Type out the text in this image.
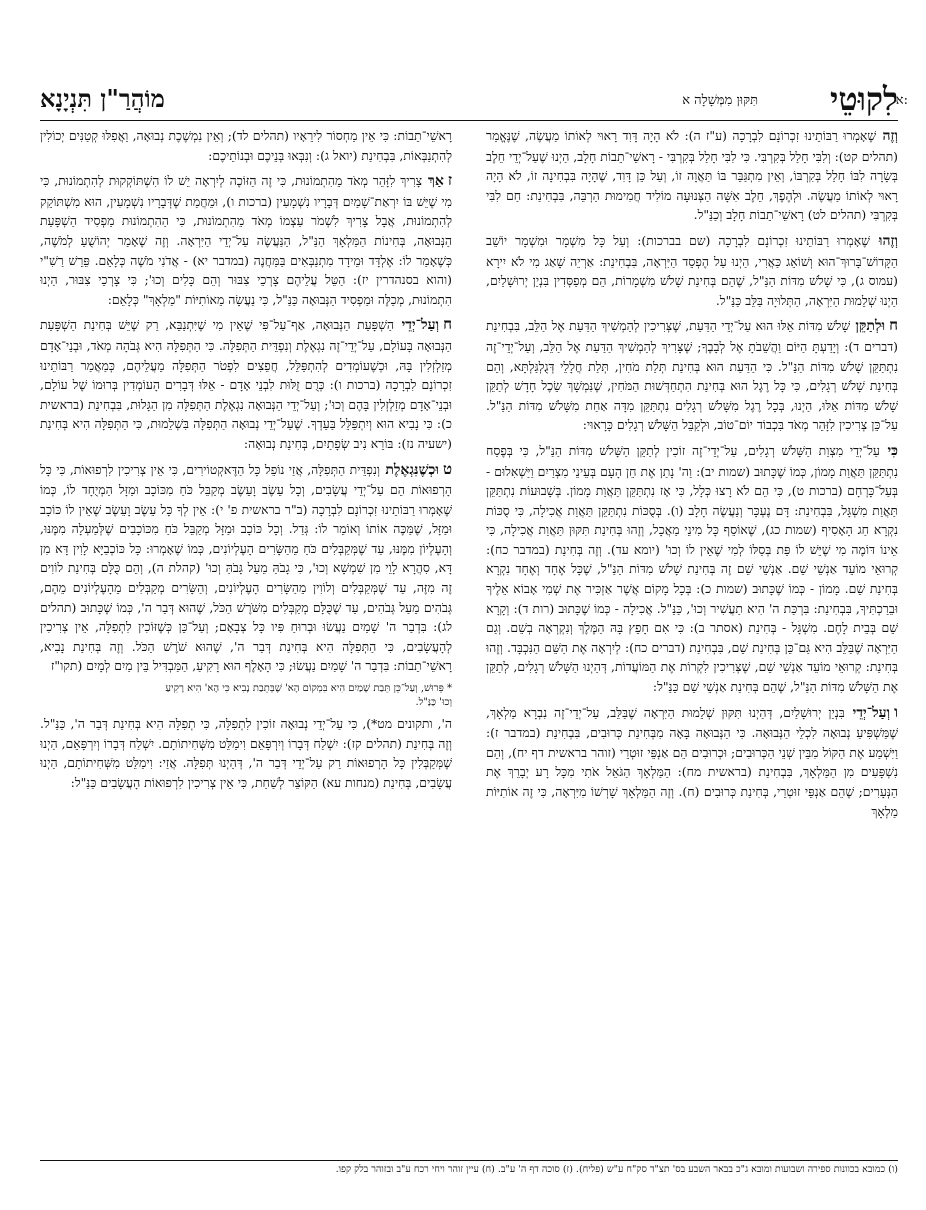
לִקוּטֵי
תִּקּוּן מִמְּשָׁלָה א
מוֹהֲרַ"ן תִּנְיָנָא	א:

וְזֶה שֶׁאָמְרוּ רַבּוֹתֵינוּ זִכְרוֹנָם לִבְרָכָה (ע"ז ה): לֹא הָיָה דָּוִד רָאוּי לְאוֹתוֹ מַעֲשֶׂה, שֶׁנֶּאֱמַר (תהלים קט): וְלִבִּי חָלַל בְּקִרְבִּי. כִּי לִבִּי חָלַל בְּקִרְבִּי - רָאשֵׁי־תֵבוֹת חָלָב, הַיְנוּ שֶׁעַל־יְדֵי חֵלֶב בְּשָׂרָה לִבּוֹ חָלַל בְּקִרְבּוֹ, וְאֵין מִתְגַּבֵּר בּוֹ תַּאֲוָה זוֹ, וְעַל כֵּן דָּוִד, שֶׁהָיָה בִּבְחִינָה זוֹ, לֹא הָיָה רָאוּי לְאוֹתוֹ מַעֲשֶׂה. וּלְהֶפֶךְ, חֵלֶב אִשָּׁה הַצְּנוּעָה מוֹלִיד חֲמִימוּת הַרְבֵּה, בִּבְחִינַת: חַם לִבִּי בְּקִרְבִּי (תהלים לט) רָאשֵׁי־תֵבוֹת חָלָב וְכַנַּ"ל.

וְזֶהוּ שֶׁאָמְרוּ רַבּוֹתֵינוּ זִכְרוֹנָם לִבְרָכָה (שם בברכות): וְעַל כָּל מִשְׁמָר וּמִשְׁמָר יוֹשֵׁב הַקָּדוֹשׁ־בָּרוּךְ־הוּא וְשׁוֹאֵג כַּאֲרִי, הַיְנוּ עַל הֶפְסֵד הַיִּרְאָה, בִּבְחִינַת: אַרְיֵה שָׁאַג מִי לֹא יִירָא (עמוס ג), כִּי שָׁלֹשׁ מִדּוֹת הַנַּ"ל, שֶׁהֵם בְּחִינַת שָׁלֹשׁ מִשְׁמָרוֹת, הֵם מְפַסְּדִין בִּנְיַן יְרוּשָׁלַיִם, הַיְנוּ שְׁלֵמוּת הַיִּרְאָה, הַתְּלוּיָה בַּלֵּב כַּנַּ"ל.

חוּלְתַקֵּן שָׁלֹשׁ מִדּוֹת אֵלּוּ הוּא עַל־יְדֵי הַדַּעַת, שֶׁצְּרִיכִין לְהַמְשִׁיךְ הַדַּעַת אֶל הַלֵּב, בִּבְחִינַת (דברים ד): וְיָדַעְתָּ הַיּוֹם וַהֲשֵׁבֹתָ אֶל לְבָבֶךָ; שֶׁצָּרִיךְ לְהַמְשִׁיךְ הַדַּעַת אֶל הַלֵּב, וְעַל־יְדֵי־זֶה נִתְתַּקֵּן שָׁלֹשׁ מִדּוֹת הַנַּ"ל. כִּי הַדַּעַת הוּא בְּחִינַת תְּלַת מֹחִין, תְּלַת חֲלָלֵי דְּגֻלְגַּלְתָּא, וְהֵם בְּחִינַת שָׁלֹשׁ רְגָלִים, כִּי כָּל רֶגֶל הוּא בְּחִינַת הִתְחַדְּשׁוּת הַמֹּחִין, שֶׁנִּמְשָׁךְ שֵׂכֶל חָדָשׁ לְתַקֵּן שָׁלֹשׁ מִדּוֹת אֵלּוּ, הַיְנוּ, בְּכָל רֶגֶל מִשָּׁלֹשׁ רְגָלִים נִתְתַּקֵּן מִדָּה אַחַת מִשָּׁלֹשׁ מִדּוֹת הַנַּ"ל. עַל־כֵּן צְרִיכִין לִזָּהֵר מְאֹד בִּכְבוֹד יוֹם־טוֹב, וּלְקַבֵּל הַשָּׁלֹשׁ רְגָלִים כָּרָאוּי:

כִּי עַל־יְדֵי מִצְוַת הַשָּׁלֹשׁ רְגָלִים, עַל־יְדֵי־זֶה זוֹכִין לְתַקֵּן הַשָּׁלֹשׁ מִדּוֹת הַנַּ"ל, כִּי בְּפֶסַח נִתְתַּקֵּן תַּאֲוַת מָמוֹן, כְּמוֹ שֶׁכָּתוּב (שמות יב): וַה' נָתַן אֶת חֵן הָעָם בְּעֵינֵי מִצְרַיִם וַיַּשְׁאִלוּם - בְּעַל־כָּרְחָם (ברכות ט), כִּי הֵם לֹא רָצוּ כְּלָל, כִּי אָז נִתְתַּקֵּן תַּאֲוַת מָמוֹן. בְּשָׁבוּעוֹת נִתְתַּקֵּן תַּאֲוַת מִשְׁגָּל, בִּבְחִינַת: דָּם נֶעְכָּר וְנַעֲשֶׂה חָלָב (ו). בְּסֻכּוֹת נִתְתַּקֵּן תַּאֲוַת אֲכִילָה, כִּי סֻכּוֹת נִקְרָא חַג הָאָסִיף (שמות כג), שֶׁאוֹסֵף כָּל מִינֵי מַאֲכָל, וְזֶהוּ בְּחִינַת תִּקּוּן תַּאֲוַת אֲכִילָה, כִּי אֵינוֹ דּוֹמֶה מִי שֶׁיֵּשׁ לוֹ פַּת בְּסַלּוֹ לְמִי שֶׁאֵין לוֹ וְכוּ' (יומא עד). וְזֶה בְּחִינַת (במדבר כח): קְרוּאֵי מוֹעֵד אַנְשֵׁי שֵׁם. אַנְשֵׁי שֵׁם זֶה בְּחִינַת שָׁלֹשׁ מִדּוֹת הַנַּ"ל, שֶׁכָּל אֶחָד וְאֶחָד נִקְרָא בְּחִינַת שֵׁם. מָמוֹן - כְּמוֹ שֶׁכָּתוּב (שמות כ): בְּכָל מָקוֹם אֲשֶׁר אַזְכִּיר אֶת שְׁמִי אָבוֹא אֵלֶיךָ וּבֵרַכְתִּיךָ, בִּבְחִינַת: בִּרְכַּת ה' הִיא תַעֲשִׁיר וְכוּ', כַּנַּ"ל. אֲכִילָה - כְּמוֹ שֶׁכָּתוּב (רות ד): וְקָרָא שֵׁם בְּבֵית לָחֶם. מִשְׁגָּל - בְּחִינַת (אסתר ב): כִּי אִם חָפֵץ בָּהּ הַמֶּלֶךְ וְנִקְרְאָה בְשֵׁם. וְגַם הַיִּרְאָה שֶׁבַּלֵּב הִיא גַּם־כֵּן בְּחִינַת שֵׁם, בִּבְחִינַת (דברים כח): לְיִרְאָה אֶת הַשֵּׁם הַנִּכְבָּד. וְזֶהוּ בְּחִינַת: קְרוּאֵי מוֹעֵד אַנְשֵׁי שֵׁם, שֶׁצְּרִיכִין לִקְרוֹת אֶת הַמּוֹעֲדוֹת, דְּהַיְנוּ הַשָּׁלֹשׁ רְגָלִים, לְתַקֵּן אֶת הַשָּׁלֹשׁ מִדּוֹת הַנַּ"ל, שֶׁהֵם בְּחִינַת אַנְשֵׁי שֵׁם כַּנַּ"ל:

ווְעַל־יְדֵי בִּנְיַן יְרוּשָׁלַיִם, דְּהַיְנוּ תִּקּוּן שְׁלֵמוּת הַיִּרְאָה שֶׁבַּלֵּב, עַל־יְדֵי־זֶה נִבְרָא מַלְאָךְ, שֶׁמַּשְׁפִּיעַ נְבוּאָה לִכְלֵי הַנְּבוּאָה. כִּי הַנְּבוּאָה בָּאָה מִבְּחִינַת כְּרוּבִים, בִּבְחִינַת (במדבר ז): וַיִּשְׁמַע אֶת הַקּוֹל מִבֵּין שְׁנֵי הַכְּרוּבִים; וּכְרוּבִים הֵם אַנְפֵּי זוּטְרֵי (זוהר בראשית דף יח), וְהֵם נִשְׁפָּעִים מִן הַמַּלְאָךְ, בִּבְחִינַת (בראשית מח): הַמַּלְאָךְ הַגֹּאֵל אֹתִי מִכָּל רָע יְבָרֵךְ אֶת הַנְּעָרִים; שֶׁהֵם אַנְפֵּי זוּטְרֵי, בְּחִינַת כְּרוּבִים (ח). וְזֶה הַמַּלְאָךְ שָׁרְשׁוֹ מִיִּרְאָה, כִּי זֶה אוֹתִיּוֹת מַלְאָךְ

רָאשֵׁי־תֵבוֹת: כִּי אֵין מַחְסוֹר לִירֵאָיו (תהלים לד); וְאֵין נִמְשֶׁכֶת נְבוּאָה, וַאֲפִלּוּ קְטַנִּים יְכוֹלִין לְהִתְנַבְּאוֹת, בִּבְחִינַת (יואל ג): וְנִבְּאוּ בְּנֵיכֶם וּבְנוֹתֵיכֶם:

זאַךְ צָרִיךְ לִזָּהֵר מְאֹד מֵהִתְמוֹנוּת, כִּי זֶה הַזּוֹכֶה לְיִרְאָה יֵשׁ לוֹ הִשְׁתּוֹקְקוּת לְהִתְמוֹנוּת, כִּי מִי שֶׁיֵּשׁ בּוֹ יִרְאַת־שָׁמַיִם דְּבָרָיו נִשְׁמָעִין (ברכות ו), וּמֵחֲמַת שֶׁדְּבָרָיו נִשְׁמָעִין, הוּא מִשְׁתּוֹקֵק לְהִתְמוֹנוּת, אֲבָל צָרִיךְ לִשְׁמֹר עַצְמוֹ מְאֹד מֵהִתְמוֹנוּת, כִּי הַהִתְמוֹנוּת מַפְסִיד הַשְׁפָּעַת הַנְּבוּאָה, בְּחִינוֹת הַמַּלְאָךְ הַנַּ"ל, הַנַּעֲשֶׂה עַל־יְדֵי הַיִּרְאָה. וְזֶה שֶׁאָמַר יְהוֹשֻׁעַ לְמֹשֶׁה, כְּשֶׁאָמַר לוֹ: אֶלְדָּד וּמֵידָד מִתְנַבְּאִים בַּמַּחֲנֶה (במדבר יא) - אֲדֹנִי מֹשֶׁה כְּלָאֵם. פֵּרֵשׁ רַשִׁ"י (והוא בסנהדרין יז): הַטֵּל עֲלֵיהֶם צָרְכֵי צִבּוּר וְהֵם כָּלִים וְכוּ'; כִּי צָרְכֵי צִבּוּר, הַיְנוּ הִתְמוֹנוּת, מְכַלֶּה וּמַפְסִיד הַנְּבוּאָה כַּנַּ"ל, כִּי נַעֲשָׂה מֵאוֹתִיּוֹת "מַלְאָךְ" כְּלָאֵם:

חוְעַל־יְדֵי הַשְׁפָּעַת הַנְּבוּאָה, אַף־עַל־פִּי שֶׁאֵין מִי שֶׁיִּתְנַבֵּא, רַק שֶׁיֵּשׁ בְּחִינַת הַשְׁפָּעַת הַנְּבוּאָה בָּעוֹלָם, עַל־יְדֵי־זֶה נִגְאֶלֶת וְנִפְדֵּית הַתְּפִלָּה. כִּי הַתְּפִלָּה הִיא גְּבֹהָה מְאֹד, וּבְנֵי־אָדָם מְזַלְזְלִין בָּהּ, וּכְשֶׁעוֹמְדִים לְהִתְפַּלֵּל, חֲפֵצִים לִפְטֹר הַתְּפִלָּה מֵעֲלֵיהֶם, כְּמַאֲמַר רַבּוֹתֵינוּ זִכְרוֹנָם לִבְרָכָה (ברכות ו): כְּרֻם זֻלּוּת לִבְנֵי אָדָם - אֵלּוּ דְּבָרִים הָעוֹמְדִין בְּרוּמוֹ שֶׁל עוֹלָם, וּבְנֵי־אָדָם מְזַלְזְלִין בָּהֶם וְכוּ'; וְעַל־יְדֵי הַנְּבוּאָה נִגְאֶלֶת הַתְּפִלָּה מִן הַגָּלוּת, בִּבְחִינַת (בראשית כ): כִּי נָבִיא הוּא וְיִתְפַּלֵּל בַּעַדְךָ. שֶׁעַל־יְדֵי נְבוּאָה הַתְּפִלָּה בִּשְׁלֵמוּת, כִּי הַתְּפִלָּה הִיא בְּחִינַת (ישעיה נז): בּוֹרֵא נִיב שְׂפָתַיִם, בְּחִינַת נְבוּאָה:

טוּכְשֶׁנִּגְאֶלֶת וְנִפְדֵּית הַתְּפִלָּה, אֲזַי נוֹפֵל כָּל הַדֶּאקְטוֹירִים, כִּי אֵין צְרִיכִין לִרְפוּאוֹת, כִּי כָּל הָרְפוּאוֹת הֵם עַל־יְדֵי עֲשָׂבִים, וְכָל עֵשֶׂב וָעֵשֶׂב מְקַבֵּל כֹּחַ מִכּוֹכָב וּמַזָּל הַמְיֻחָד לוֹ, כְּמוֹ שֶׁאָמְרוּ רַבּוֹתֵינוּ זִכְרוֹנָם לִבְרָכָה (ב"ר בראשית פ' י): אֵין לְךָ כָּל עֵשֶׂב וָעֵשֶׂב שֶׁאֵין לוֹ כּוֹכָב וּמַזָּל, שֶׁמַּכֶּה אוֹתוֹ וְאוֹמֵר לוֹ: גְּדַל. וְכָל כּוֹכָב וּמַזָּל מְקַבֵּל כֹּחַ מִכּוֹכָבִים שֶׁלְּמַעְלָה מִמֶּנּוּ, וְהָעֶלְיוֹן מִמֶּנּוּ, עַד שֶׁמְּקַבְּלִים כֹּחַ מֵהַשָּׂרִים הָעֶלְיוֹנִים, כְּמוֹ שֶׁאָמְרוּ: כָּל כּוֹכְבַיָּא לָוִין דָּא מִן דָּא, סִהֲרָא לָוֵי מִן שִׁמְשָׁא וְכוּ', כִּי גָבֹהַּ מֵעַל גָּבֹהַּ וְכוּ' (קהלת ה), וְהֵם כֻּלָּם בְּחִינַת לוֹוִים זֶה מִזֶּה, עַד שֶׁמְּקַבְּלִים וְלוֹוִין מֵהַשָּׂרִים הָעֶלְיוֹנִים, וְהַשָּׂרִים מְקַבְּלִים מֵהָעֶלְיוֹנִים מֵהֶם, גְּבֹהִים מֵעַל גְּבֹהִים, עַד שֶׁכֻּלָּם מְקַבְּלִים מִשֹּׁרֶשׁ הַכֹּל, שֶׁהוּא דְּבַר ה', כְּמוֹ שֶׁכָּתוּב (תהלים לג): בִּדְבַר ה' שָׁמַיִם נַעֲשׂוּ וּבְרוּחַ פִּיו כָּל צְבָאָם; וְעַל־כֵּן כְּשֶׁזּוֹכִין לִתְפִלָּה, אֵין צְרִיכִין לְהָעֲשָׂבִים, כִּי הַתְּפִלָּה הִיא בְּחִינַת דְּבַר ה', שֶׁהוּא שֹׁרֶשׁ הַכֹּל. וְזֶה בְּחִינַת נָבִיא, רָאשֵׁי־תֵבוֹת: בִּדְבַר ה' שָׁמַיִם נַעֲשׂוּ; כִּי הָאָלֶף הוּא רָקִיעַ, הַמַּבְדִּיל בֵּין מַיִם לְמָיִם (תקו"ז

* פֵּרוּשׁ, וְעַל־כֵּן תֵּבַת שָׁמַיִם הִיא בִּמְקוֹם הָא' שֶׁבְּתֵבַת נָבִיא כִּי הָא' הִיא רָקִיעַ וְכוּ' כַּנַּ"ל.

ה', ותקונים מט*), כִּי עַל־יְדֵי נְבוּאָה זוֹכִין לִתְפִלָּה, כִּי תְפִלָּה הִיא בְּחִינַת דְּבַר ה', כַּנַּ"ל. וְזֶה בְּחִינַת (תהלים קז): יִשְׁלַח דְּבָרוֹ וְיִרְפָּאֵם וִימַלֵּט מִשְּׁחִיתוֹתָם. יִשְׁלַח דְּבָרוֹ וְיִרְפָּאֵם, הַיְנוּ שֶׁמְּקַבְּלִין כָּל הָרְפוּאוֹת רַק עַל־יְדֵי דְּבַר ה', דְּהַיְנוּ תְּפִלָּה. אֲזַי: וִימַלֵּט מִשְּׁחִיתוֹתָם, הַיְנוּ עֲשָׂבִים, בְּחִינַת (מנחות עא) הַקּוֹצֵר לְשַׁחַת, כִּי אֵין צְרִיכִין לִרְפוּאוֹת הָעֲשָׂבִים כַּנַּ"ל:

(ו) כמובא בכוונות ספירה ושבועות ומובא ג"כ בבאר השבע בס' תצ"ד סק"ח ע"ש (פליח). (ז) סוכה דף ה' ע"ב. (ח) עיין זוהר ויחי רכח ע"ב ובזוהר בלק קפו.
